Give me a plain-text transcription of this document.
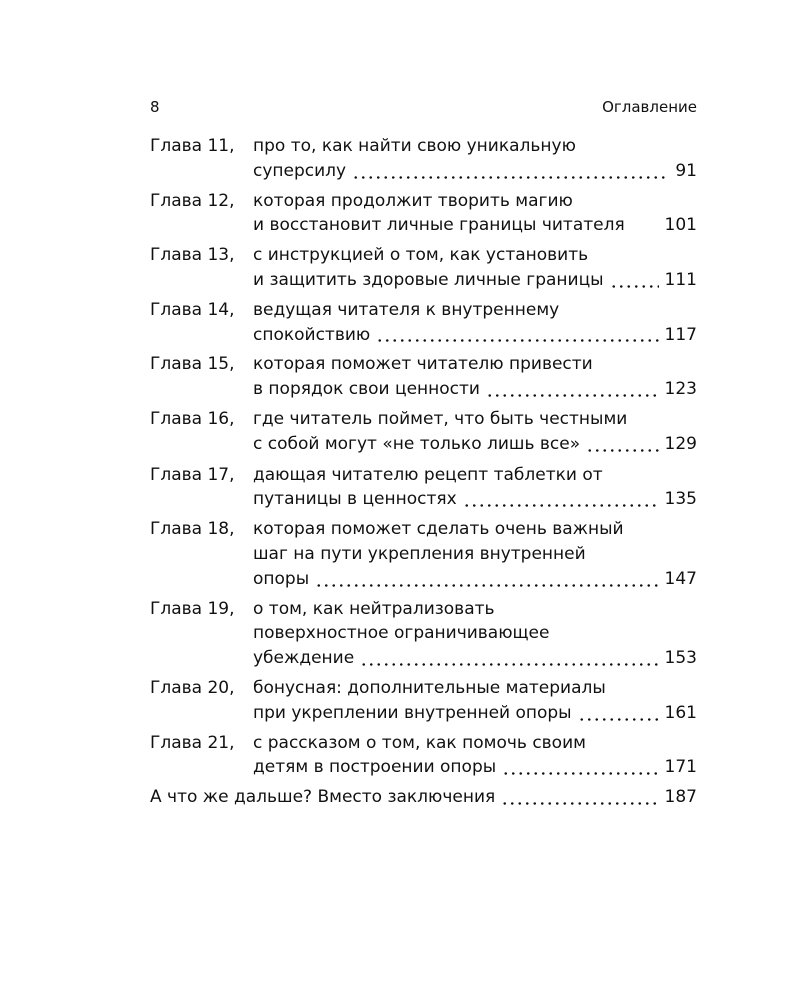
8	Оглавление
Глава 11,	про то, как найти свою уникальную
суперсилу	91
Глава 12,	которая продолжит творить магию
и восстановит личные границы читателя 101
Глава 13,	с инструкцией о том, как установить
и защитить здоровые личные границы	111
Глава 14,	ведущая читателя к внутреннему
спокойствию	117
Глава 15,	которая поможет читателю привести
в порядок свои ценности	123
Глава 16,	где читатель поймет, что быть честными
с собой могут «не только лишь все»	129
Глава 17,	дающая читателю рецепт таблетки от
путаницы в ценностях	135
Глава 18,	которая поможет сделать очень важный
шаг на пути укрепления внутренней
опоры	147
Глава 19,	о том, как нейтрализовать
поверхностное ограничивающее
убеждение	153
Глава 20,	бонусная: дополнительные материалы
при укреплении внутренней опоры	161
Глава 21,	с рассказом о том, как помочь своим
детям в построении опоры	171
А что же дальше? Вместо заключения	187
